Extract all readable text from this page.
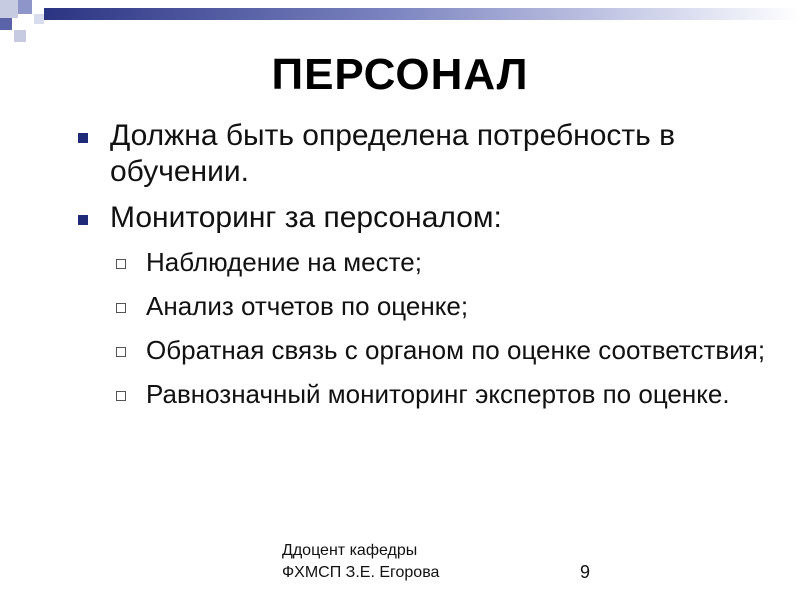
ПЕРСОНАЛ
Должна быть определена потребность в обучении.
Мониторинг за персоналом:
Наблюдение на месте;
Анализ отчетов по оценке;
Обратная связь с органом по оценке соответствия;
Равнозначный мониторинг экспертов по оценке.
Ддоцент кафедры
ФХМСП З.Е. Егорова	9
